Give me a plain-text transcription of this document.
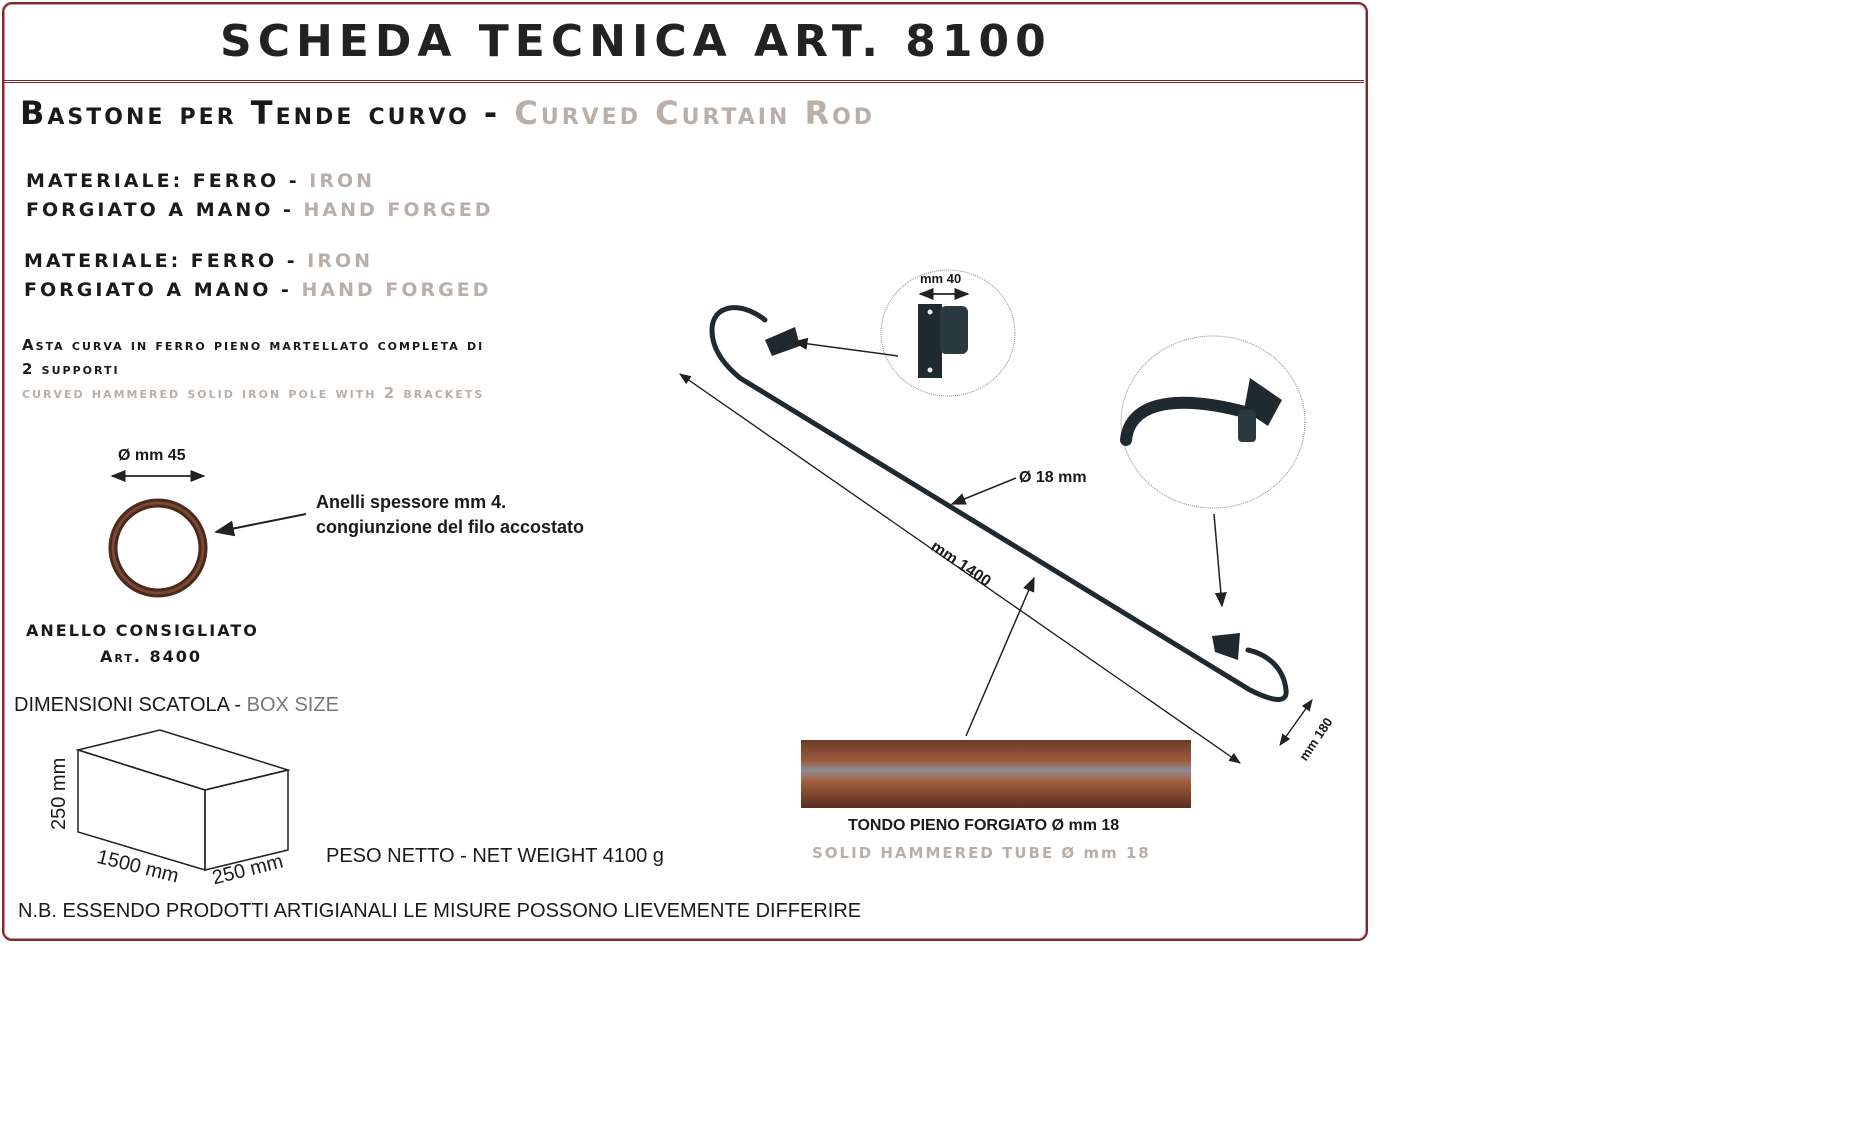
SCHEDA TECNICA ART. 8100
Bastone per Tende curvo - Curved Curtain Rod
MATERIALE: FERRO - IRON
FORGIATO A MANO - HAND FORGED
MATERIALE: FERRO - IRON
FORGIATO A MANO - HAND FORGED
Asta curva in ferro pieno martellato completa di
2 supporti
curved hammered solid iron pole with 2 brackets
Ø mm 45
Anelli spessore mm 4.
congiunzione del filo accostato
ANELLO CONSIGLIATO
Art. 8400
DIMENSIONI SCATOLA - BOX SIZE
250 mm
1500 mm 250 mm PESO NETTO - NET WEIGHT 4100 g
N.B. ESSENDO PRODOTTI ARTIGIANALI LE MISURE POSSONO LIEVEMENTE DIFFERIRE
mm 40
Ø 18 mm
mm 1400
mm 180
TONDO PIENO FORGIATO Ø mm 18
SOLID HAMMERED TUBE Ø mm 18
